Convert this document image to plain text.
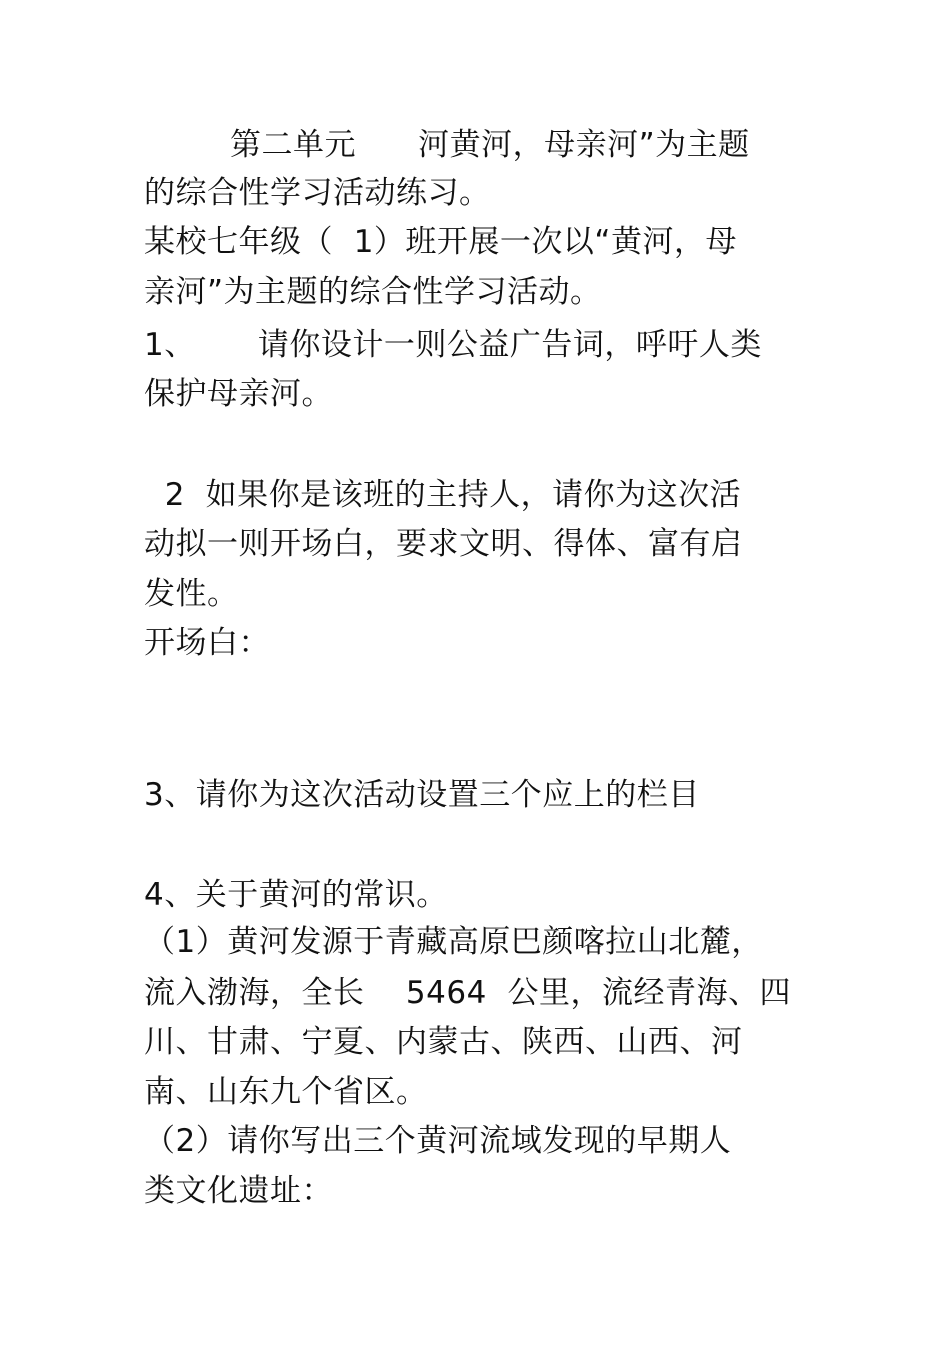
第二单元      河黄河，母亲河”为主题
的综合性学习活动练习。
某校七年级（  1）班开展一次以“黄河，母
亲河”为主题的综合性学习活动。
1、      请你设计一则公益广告词，呼吁人类
保护母亲河。
2  如果你是该班的主持人，请你为这次活
动拟一则开场白，要求文明、得体、富有启
发性。
开场白：
3、请你为这次活动设置三个应上的栏目
4、关于黄河的常识。
（1）黄河发源于青藏高原巴颜喀拉山北麓，
流入渤海，全长    5464  公里，流经青海、四
川、甘肃、宁夏、内蒙古、陕西、山西、河
南、山东九个省区。
（2）请你写出三个黄河流域发现的早期人
类文化遗址：
